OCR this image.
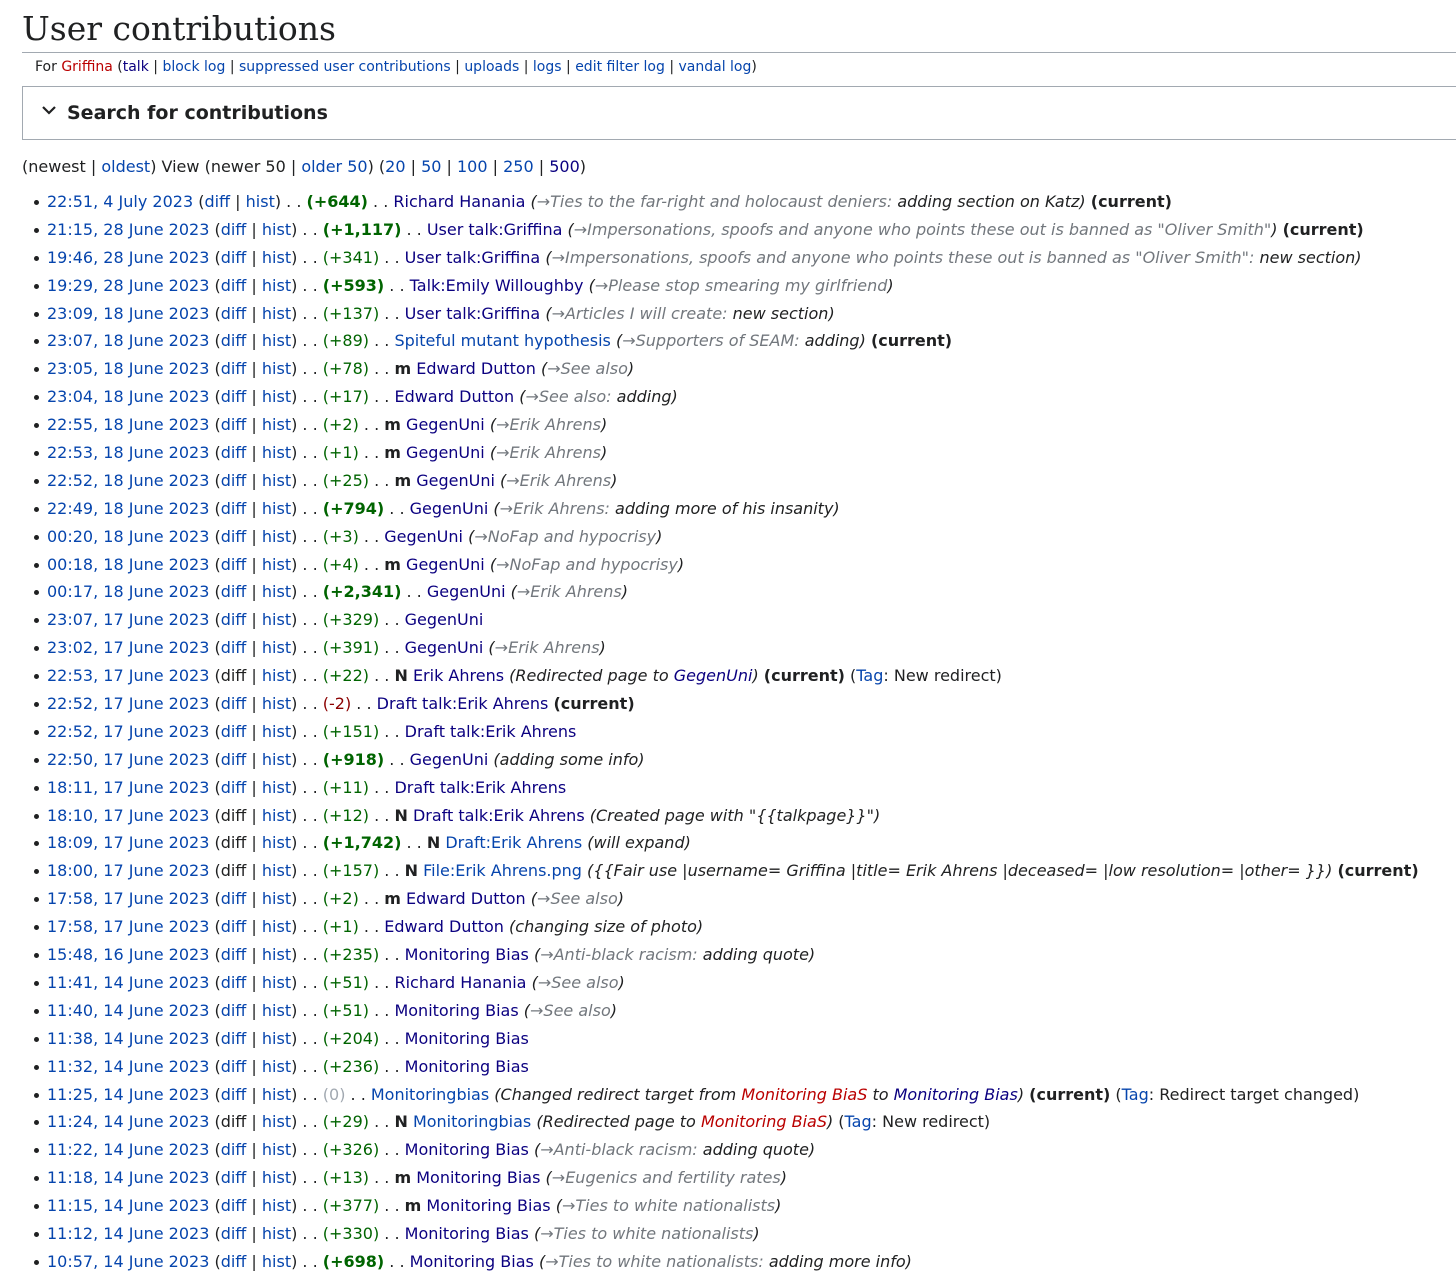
User contributions
For Griffina (talk | block log | suppressed user contributions | uploads | logs | edit filter log | vandal log)
Search for contributions
(newest | oldest) View (newer 50 | older 50) (20 | 50 | 100 | 250 | 500)
22:51, 4 July 2023 (diff | hist) . . (+644) . . Richard Hanania (→Ties to the far-right and holocaust deniers: adding section on Katz) (current)
21:15, 28 June 2023 (diff | hist) . . (+1,117) . . User talk:Griffina (→Impersonations, spoofs and anyone who points these out is banned as "Oliver Smith") (current)
19:46, 28 June 2023 (diff | hist) . . (+341) . . User talk:Griffina (→Impersonations, spoofs and anyone who points these out is banned as "Oliver Smith": new section)
19:29, 28 June 2023 (diff | hist) . . (+593) . . Talk:Emily Willoughby (→Please stop smearing my girlfriend)
23:09, 18 June 2023 (diff | hist) . . (+137) . . User talk:Griffina (→Articles I will create: new section)
23:07, 18 June 2023 (diff | hist) . . (+89) . . Spiteful mutant hypothesis (→Supporters of SEAM: adding) (current)
23:05, 18 June 2023 (diff | hist) . . (+78) . . m Edward Dutton (→See also)
23:04, 18 June 2023 (diff | hist) . . (+17) . . Edward Dutton (→See also: adding)
22:55, 18 June 2023 (diff | hist) . . (+2) . . m GegenUni (→Erik Ahrens)
22:53, 18 June 2023 (diff | hist) . . (+1) . . m GegenUni (→Erik Ahrens)
22:52, 18 June 2023 (diff | hist) . . (+25) . . m GegenUni (→Erik Ahrens)
22:49, 18 June 2023 (diff | hist) . . (+794) . . GegenUni (→Erik Ahrens: adding more of his insanity)
00:20, 18 June 2023 (diff | hist) . . (+3) . . GegenUni (→NoFap and hypocrisy)
00:18, 18 June 2023 (diff | hist) . . (+4) . . m GegenUni (→NoFap and hypocrisy)
00:17, 18 June 2023 (diff | hist) . . (+2,341) . . GegenUni (→Erik Ahrens)
23:07, 17 June 2023 (diff | hist) . . (+329) . . GegenUni
23:02, 17 June 2023 (diff | hist) . . (+391) . . GegenUni (→Erik Ahrens)
22:53, 17 June 2023 (diff | hist) . . (+22) . . N Erik Ahrens (Redirected page to GegenUni) (current) (Tag: New redirect)
22:52, 17 June 2023 (diff | hist) . . (-2) . . Draft talk:Erik Ahrens (current)
22:52, 17 June 2023 (diff | hist) . . (+151) . . Draft talk:Erik Ahrens
22:50, 17 June 2023 (diff | hist) . . (+918) . . GegenUni (adding some info)
18:11, 17 June 2023 (diff | hist) . . (+11) . . Draft talk:Erik Ahrens
18:10, 17 June 2023 (diff | hist) . . (+12) . . N Draft talk:Erik Ahrens (Created page with "{{talkpage}}")
18:09, 17 June 2023 (diff | hist) . . (+1,742) . . N Draft:Erik Ahrens (will expand)
18:00, 17 June 2023 (diff | hist) . . (+157) . . N File:Erik Ahrens.png ({{Fair use |username= Griffina |title= Erik Ahrens |deceased= |low resolution= |other= }}) (current)
17:58, 17 June 2023 (diff | hist) . . (+2) . . m Edward Dutton (→See also)
17:58, 17 June 2023 (diff | hist) . . (+1) . . Edward Dutton (changing size of photo)
15:48, 16 June 2023 (diff | hist) . . (+235) . . Monitoring Bias (→Anti-black racism: adding quote)
11:41, 14 June 2023 (diff | hist) . . (+51) . . Richard Hanania (→See also)
11:40, 14 June 2023 (diff | hist) . . (+51) . . Monitoring Bias (→See also)
11:38, 14 June 2023 (diff | hist) . . (+204) . . Monitoring Bias
11:32, 14 June 2023 (diff | hist) . . (+236) . . Monitoring Bias
11:25, 14 June 2023 (diff | hist) . . (0) . . Monitoringbias (Changed redirect target from Monitoring BiaS to Monitoring Bias) (current) (Tag: Redirect target changed)
11:24, 14 June 2023 (diff | hist) . . (+29) . . N Monitoringbias (Redirected page to Monitoring BiaS) (Tag: New redirect)
11:22, 14 June 2023 (diff | hist) . . (+326) . . Monitoring Bias (→Anti-black racism: adding quote)
11:18, 14 June 2023 (diff | hist) . . (+13) . . m Monitoring Bias (→Eugenics and fertility rates)
11:15, 14 June 2023 (diff | hist) . . (+377) . . m Monitoring Bias (→Ties to white nationalists)
11:12, 14 June 2023 (diff | hist) . . (+330) . . Monitoring Bias (→Ties to white nationalists)
10:57, 14 June 2023 (diff | hist) . . (+698) . . Monitoring Bias (→Ties to white nationalists: adding more info)
